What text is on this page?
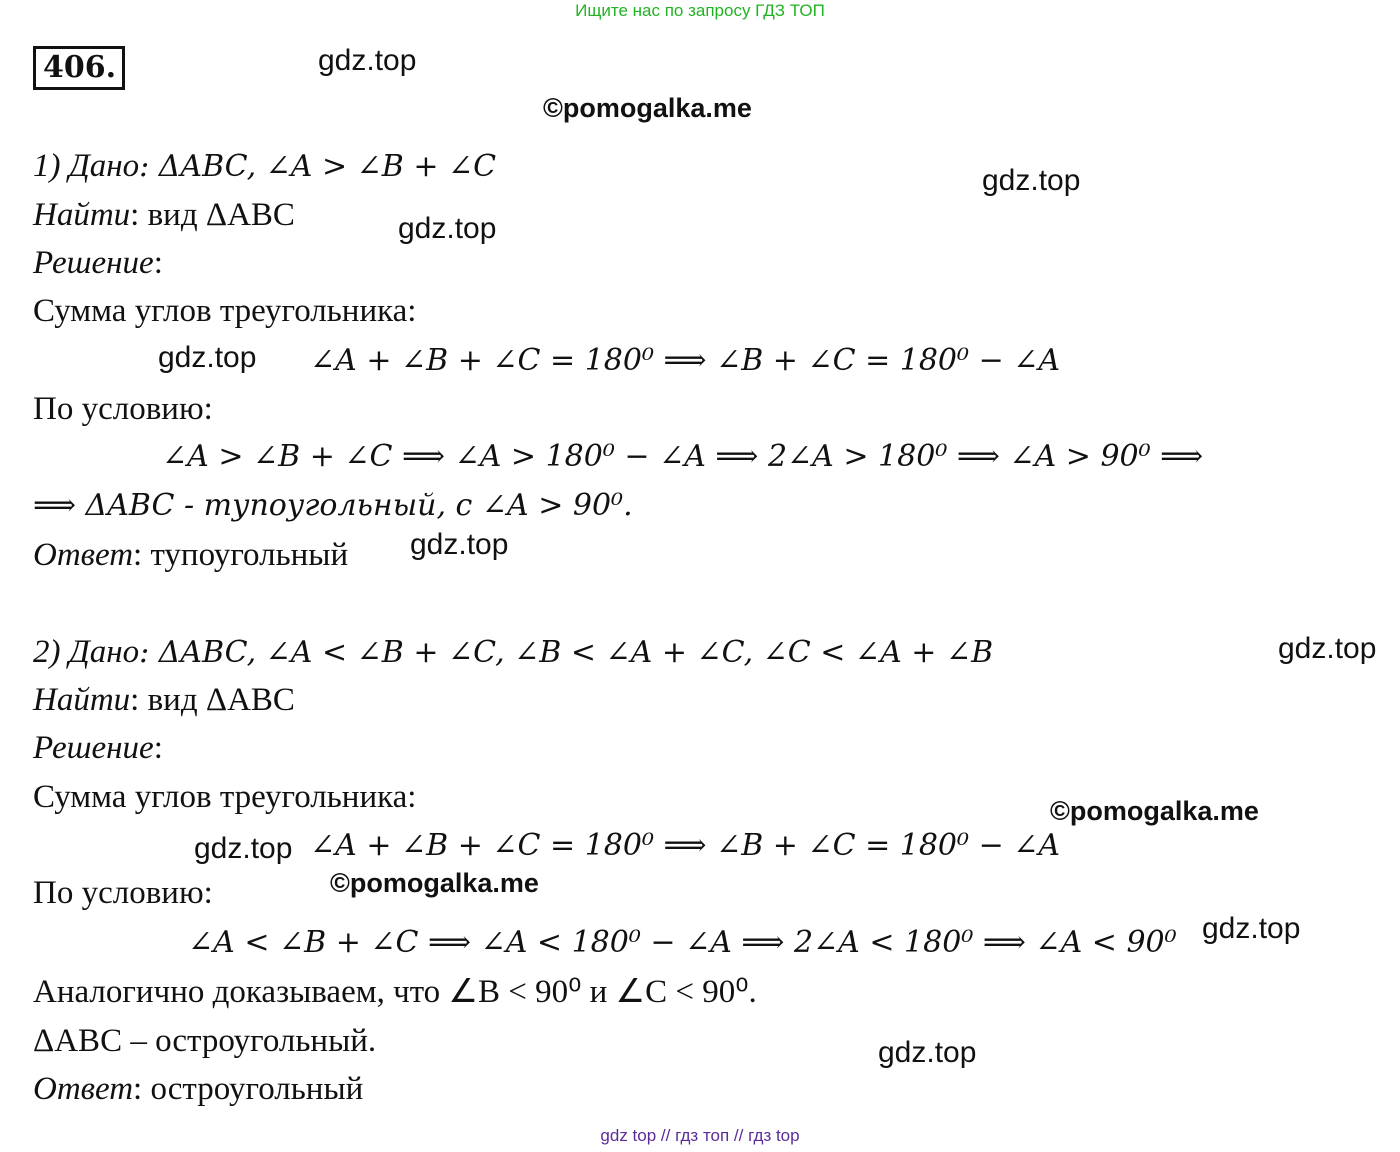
Ищите нас по запросу ГДЗ ТОП
406.	gdz.top
©pomogalka.me
gdz.top
gdz.top
gdz.top
gdz.top
gdz.top
©pomogalka.me
gdz.top
©pomogalka.me
gdz.top
gdz.top
1) Дано: ΔABC, ∠A > ∠B + ∠C
Найти: вид ΔABC
Решение:
Сумма углов треугольника:
∠A + ∠B + ∠C = 180⁰ ⟹ ∠B + ∠C = 180⁰ − ∠A
По условию:
∠A > ∠B + ∠C ⟹ ∠A > 180⁰ − ∠A ⟹ 2∠A > 180⁰ ⟹ ∠A > 90⁰ ⟹
⟹ ΔABC - тупоугольный, с ∠A > 90⁰.
Ответ: тупоугольный
2) Дано: ΔABC, ∠A < ∠B + ∠C, ∠B < ∠A + ∠C, ∠C < ∠A + ∠B
Найти: вид ΔABC
Решение:
Сумма углов треугольника:
∠A + ∠B + ∠C = 180⁰ ⟹ ∠B + ∠C = 180⁰ − ∠A
По условию:
∠A < ∠B + ∠C ⟹ ∠A < 180⁰ − ∠A ⟹ 2∠A < 180⁰ ⟹ ∠A < 90⁰
Аналогично доказываем, что ∠B < 90⁰ и ∠C < 90⁰.
ΔABC – остроугольный.
Ответ: остроугольный
gdz top // гдз топ // гдз top
